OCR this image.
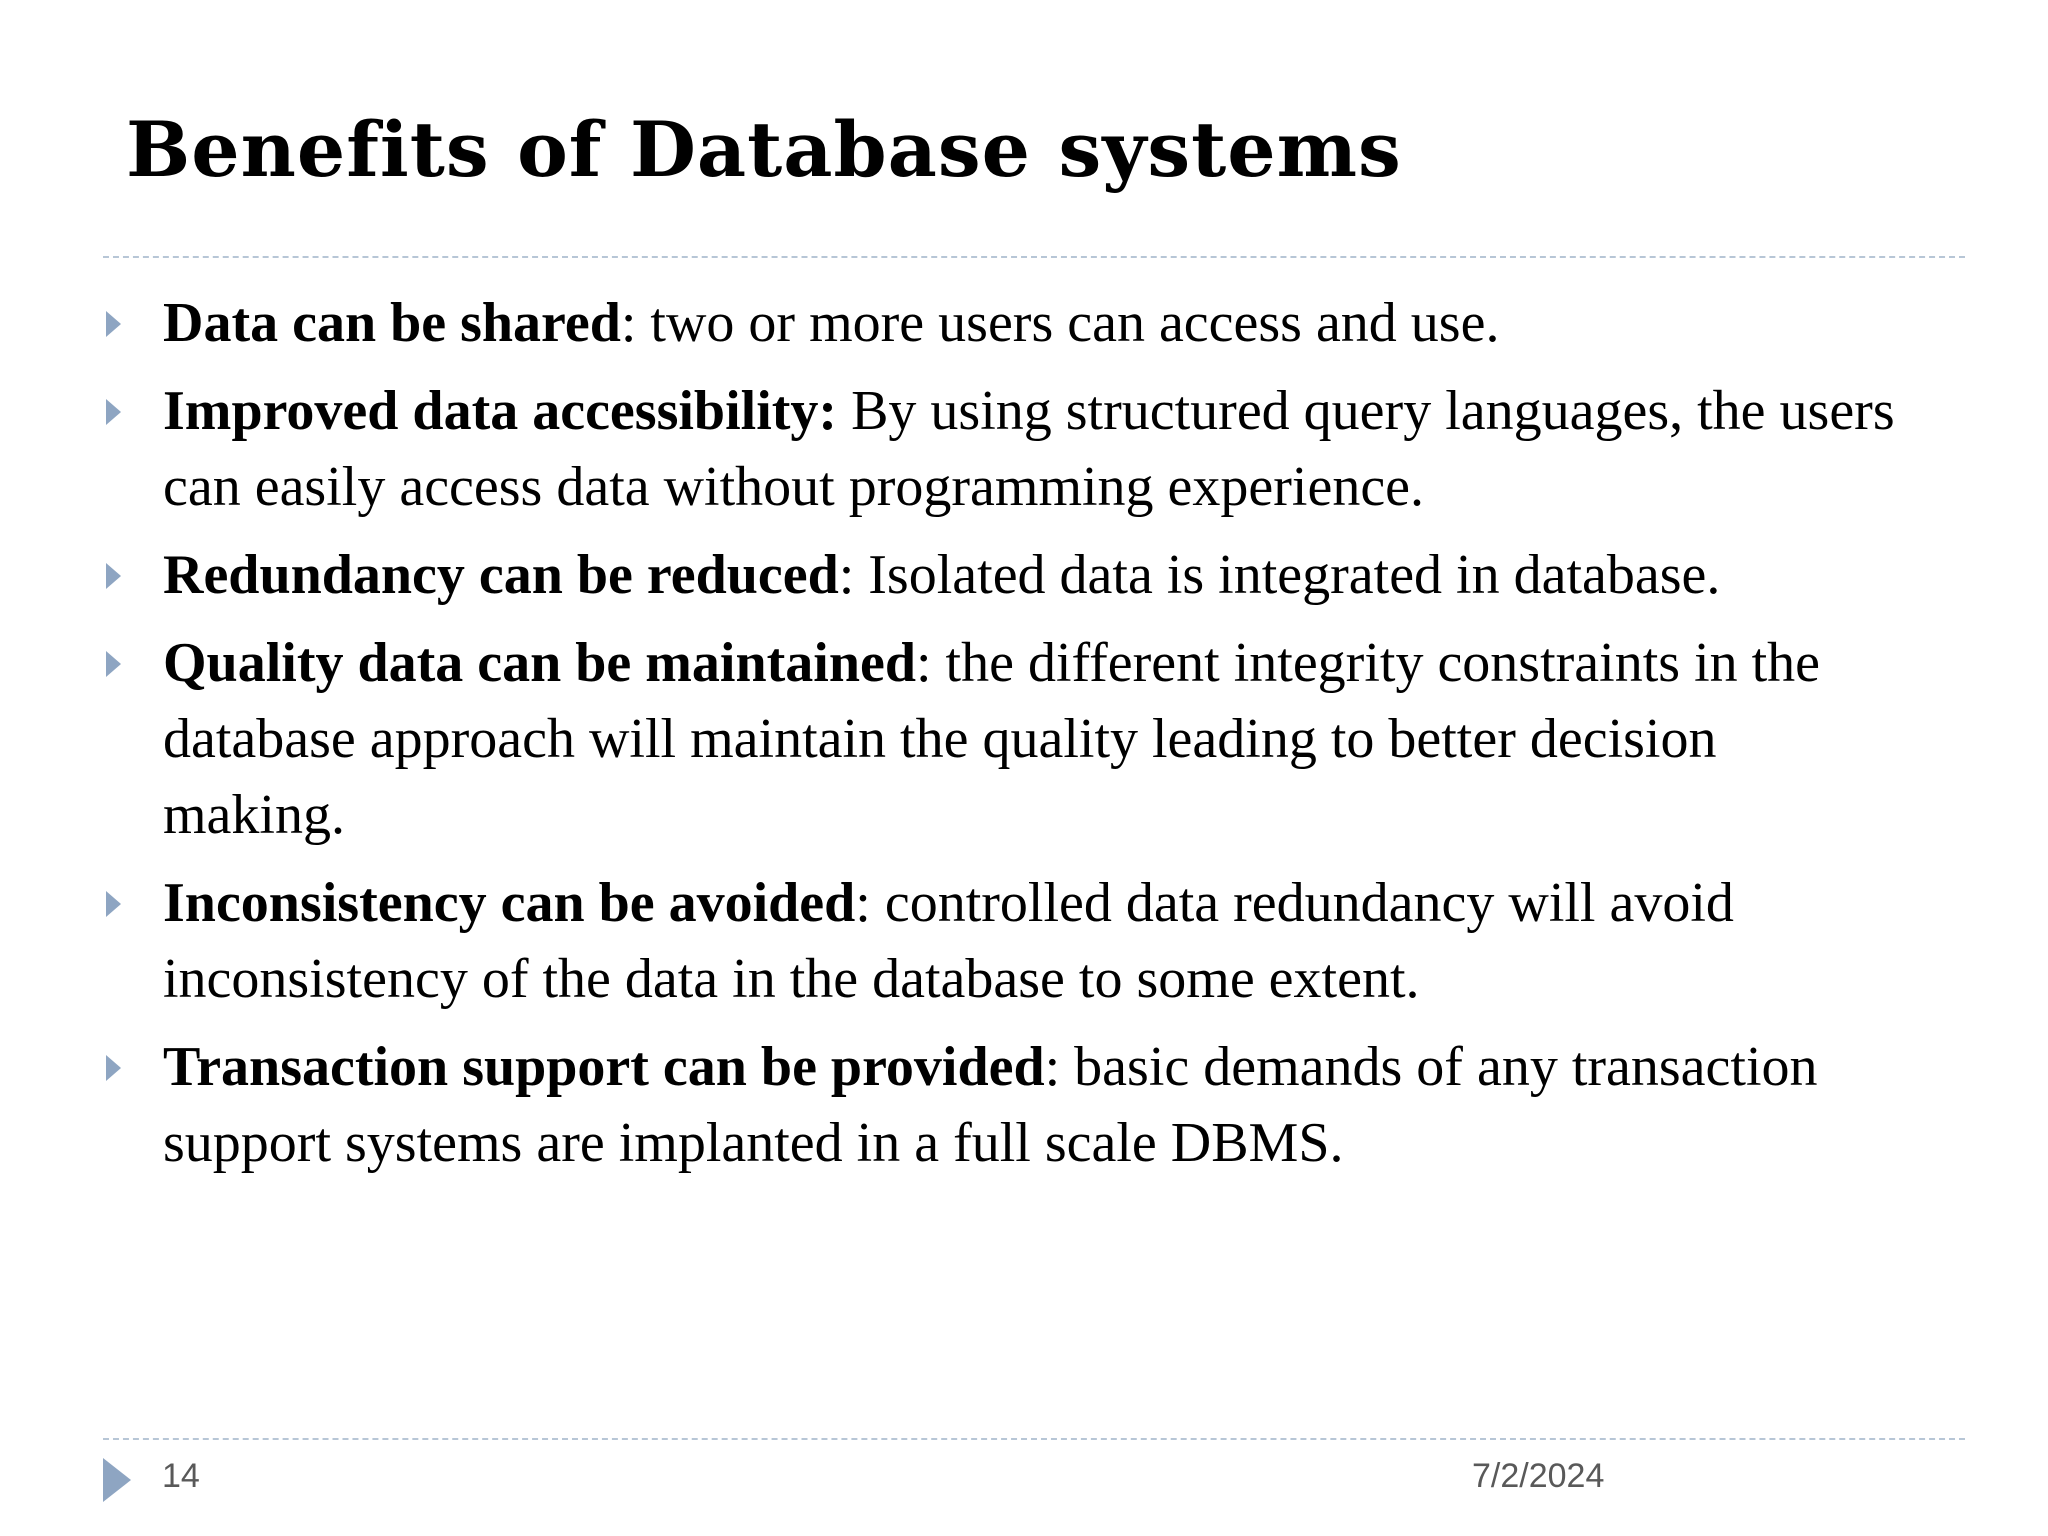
Benefits of Database systems
Data can be shared: two or more users can access and use.
Improved data accessibility: By using structured query languages, the users can easily access data without programming experience.
Redundancy can be reduced: Isolated data is integrated in database.
Quality data can be maintained: the different integrity constraints in the database approach will maintain the quality leading to better decision making.
Inconsistency can be avoided: controlled data redundancy will avoid inconsistency of the data in the database to some extent.
Transaction support can be provided: basic demands of any transaction support systems are implanted in a full scale DBMS.
14	7/2/2024
